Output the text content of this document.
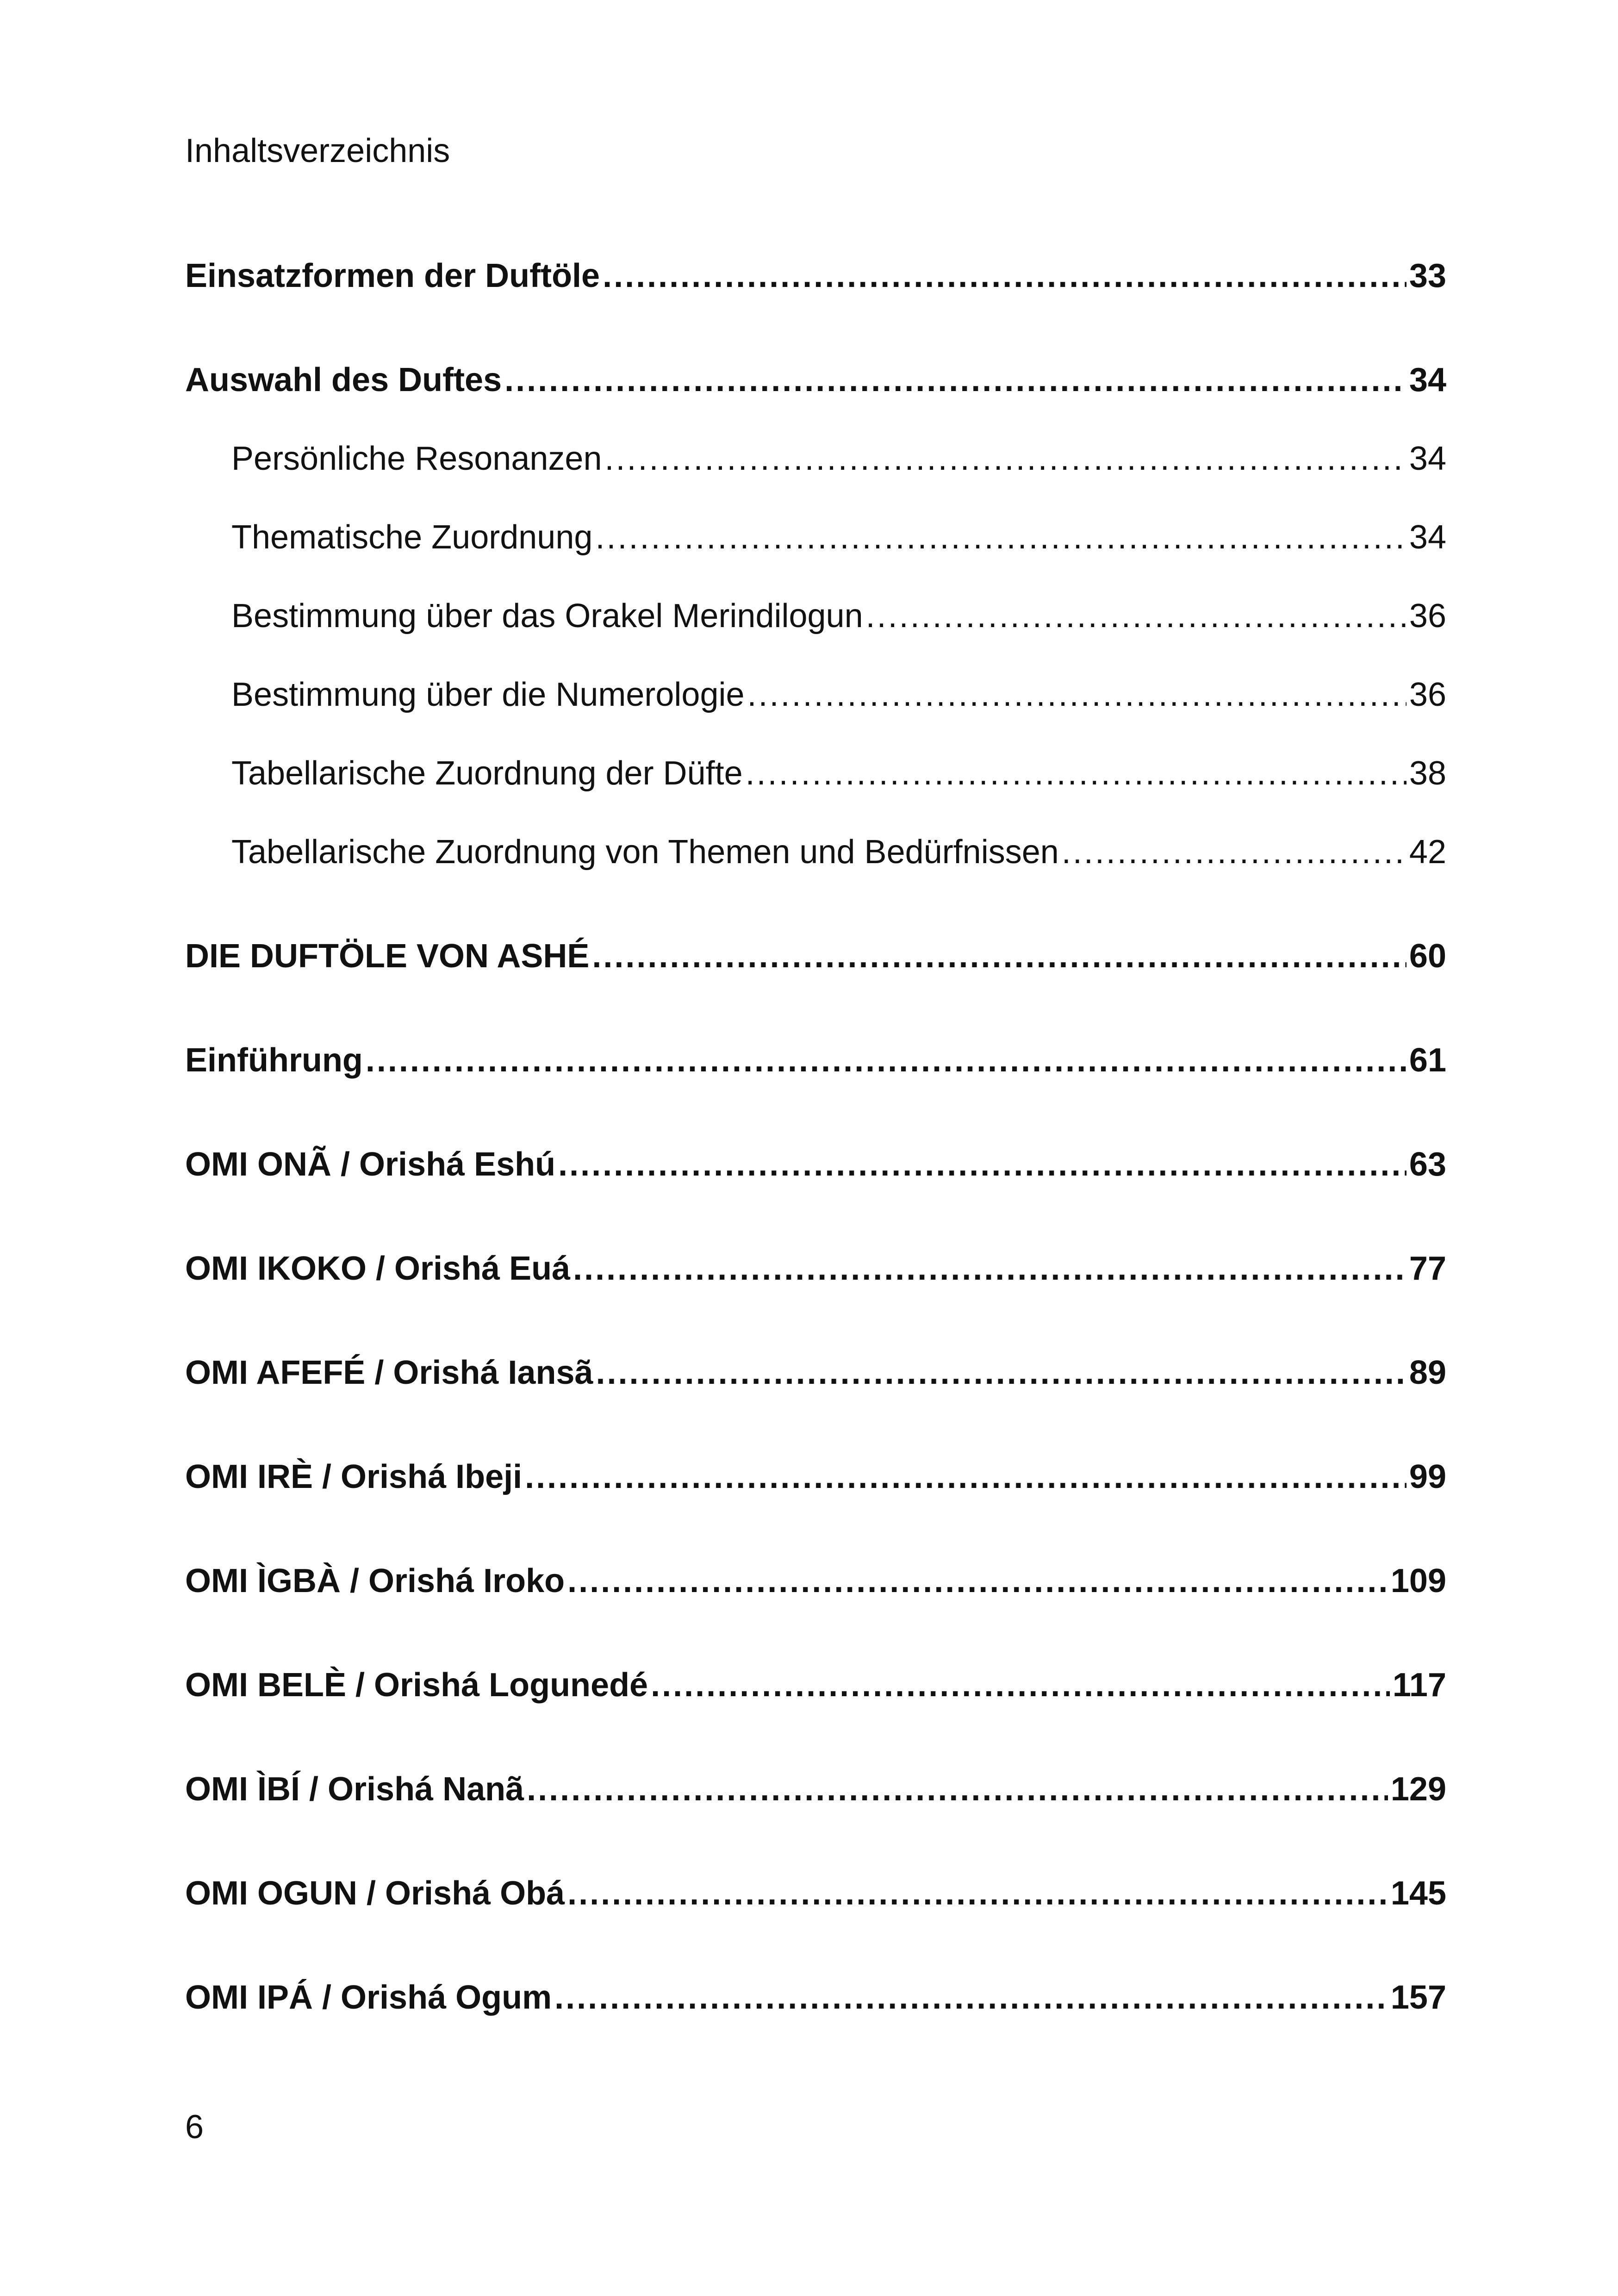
Inhaltsverzeichnis
Einsatzformen der Duftöle .....	33
Auswahl des Duftes .....	34
Persönliche Resonanzen .....	34
Thematische Zuordnung .....	34
Bestimmung über das Orakel Merindilogun .....	36
Bestimmung über die Numerologie .....	36
Tabellarische Zuordnung der Düfte .....	38
Tabellarische Zuordnung von Themen und Bedürfnissen .....	42
DIE DUFTÖLE VON ASHÉ .....	60
Einführung .....	61
OMI ONÃ / Orishá Eshú .....	63
OMI IKOKO / Orishá Euá .....	77
OMI AFEFÉ / Orishá Iansã .....	89
OMI IRÈ / Orishá Ibeji .....	99
OMI ÌGBÀ / Orishá Iroko .....	109
OMI BELÈ / Orishá Logunedé .....	117
OMI ÌBÍ / Orishá Nanã .....	129
OMI OGUN / Orishá Obá .....	145
OMI IPÁ / Orishá Ogum .....	157
6
